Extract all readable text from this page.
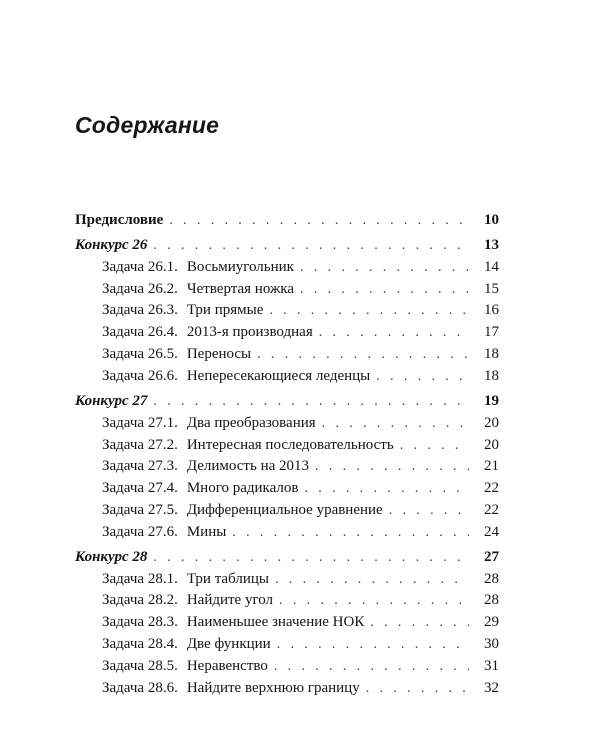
Содержание
Предисловие . . .	10
Конкурс 26 . . .	13
Задача 26.1. Восьмиугольник . . .	14
Задача 26.2. Четвертая ножка . . .	15
Задача 26.3. Три прямые . . .	16
Задача 26.4. 2013-я производная . . .	17
Задача 26.5. Переносы . . .	18
Задача 26.6. Непересекающиеся леденцы . . .	18
Конкурс 27 . . .	19
Задача 27.1. Два преобразования . . .	20
Задача 27.2. Интересная последовательность . . .	20
Задача 27.3. Делимость на 2013 . . .	21
Задача 27.4. Много радикалов . . .	22
Задача 27.5. Дифференциальное уравнение . . .	22
Задача 27.6. Мины . . .	24
Конкурс 28 . . .	27
Задача 28.1. Три таблицы . . .	28
Задача 28.2. Найдите угол . . .	28
Задача 28.3. Наименьшее значение НОК . . .	29
Задача 28.4. Две функции . . .	30
Задача 28.5. Неравенство . . .	31
Задача 28.6. Найдите верхнюю границу . . .	32
